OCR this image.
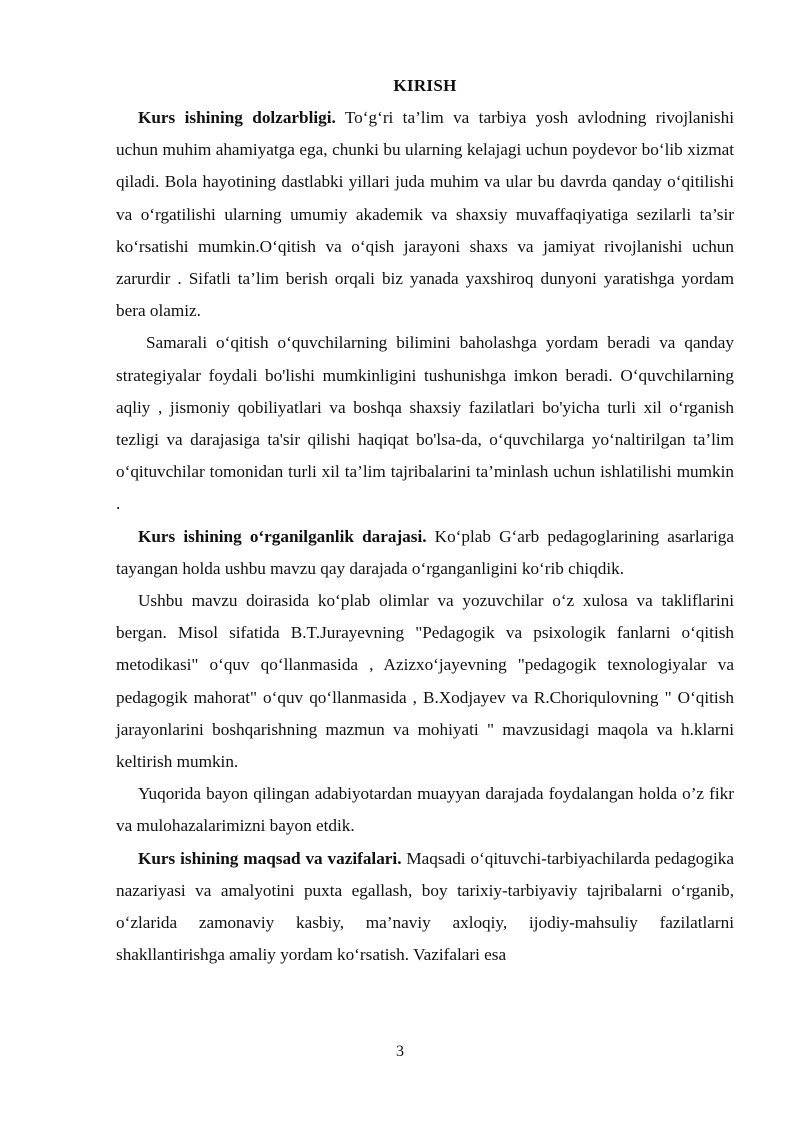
KIRISH

Kurs ishining dolzarbligi. To‘g‘ri ta’lim va tarbiya yosh avlodning rivojlanishi uchun muhim ahamiyatga ega, chunki bu ularning kelajagi uchun poydevor bo‘lib xizmat qiladi. Bola hayotining dastlabki yillari juda muhim va ular bu davrda qanday o‘qitilishi va o‘rgatilishi ularning umumiy akademik va shaxsiy muvaffaqiyatiga sezilarli ta’sir ko‘rsatishi mumkin.O‘qitish va o‘qish jarayoni shaxs va jamiyat rivojlanishi uchun zarurdir . Sifatli ta’lim berish orqali biz yanada yaxshiroq dunyoni yaratishga yordam bera olamiz.

Samarali o‘qitish o‘quvchilarning bilimini baholashga yordam beradi va qanday strategiyalar foydali bo'lishi mumkinligini tushunishga imkon beradi. O‘quvchilarning aqliy , jismoniy qobiliyatlari va boshqa shaxsiy fazilatlari bo'yicha turli xil o‘rganish tezligi va darajasiga ta'sir qilishi haqiqat bo'lsa-da, o‘quvchilarga yo‘naltirilgan ta’lim o‘qituvchilar tomonidan turli xil ta’lim tajribalarini ta’minlash uchun ishlatilishi mumkin .

Kurs ishining o‘rganilganlik darajasi. Ko‘plab G‘arb pedagoglarining asarlariga tayangan holda ushbu mavzu qay darajada o‘rganganligini ko‘rib chiqdik.

Ushbu mavzu doirasida ko‘plab olimlar va yozuvchilar o‘z xulosa va takliflarini bergan. Misol sifatida B.T.Jurayevning "Pedagogik va psixologik fanlarni o‘qitish metodikasi" o‘quv qo‘llanmasida , Azizxo‘jayevning "pedagogik texnologiyalar va pedagogik mahorat" o‘quv qo‘llanmasida , B.Xodjayev va R.Choriqulovning " O‘qitish jarayonlarini boshqarishning mazmun va mohiyati " mavzusidagi maqola va h.klarni keltirish mumkin.

Yuqorida bayon qilingan adabiyotardan muayyan darajada foydalangan holda o’z fikr va mulohazalarimizni bayon etdik.

Kurs ishining maqsad va vazifalari. Maqsadi o‘qituvchi-tarbiyachilarda pedagogika nazariyasi va amalyotini puxta egallash, boy tarixiy-tarbiyaviy tajribalarni o‘rganib, o‘zlarida zamonaviy kasbiy, ma’naviy axloqiy, ijodiy-mahsuliy fazilatlarni shakllantirishga amaliy yordam ko‘rsatish. Vazifalari esa

3
